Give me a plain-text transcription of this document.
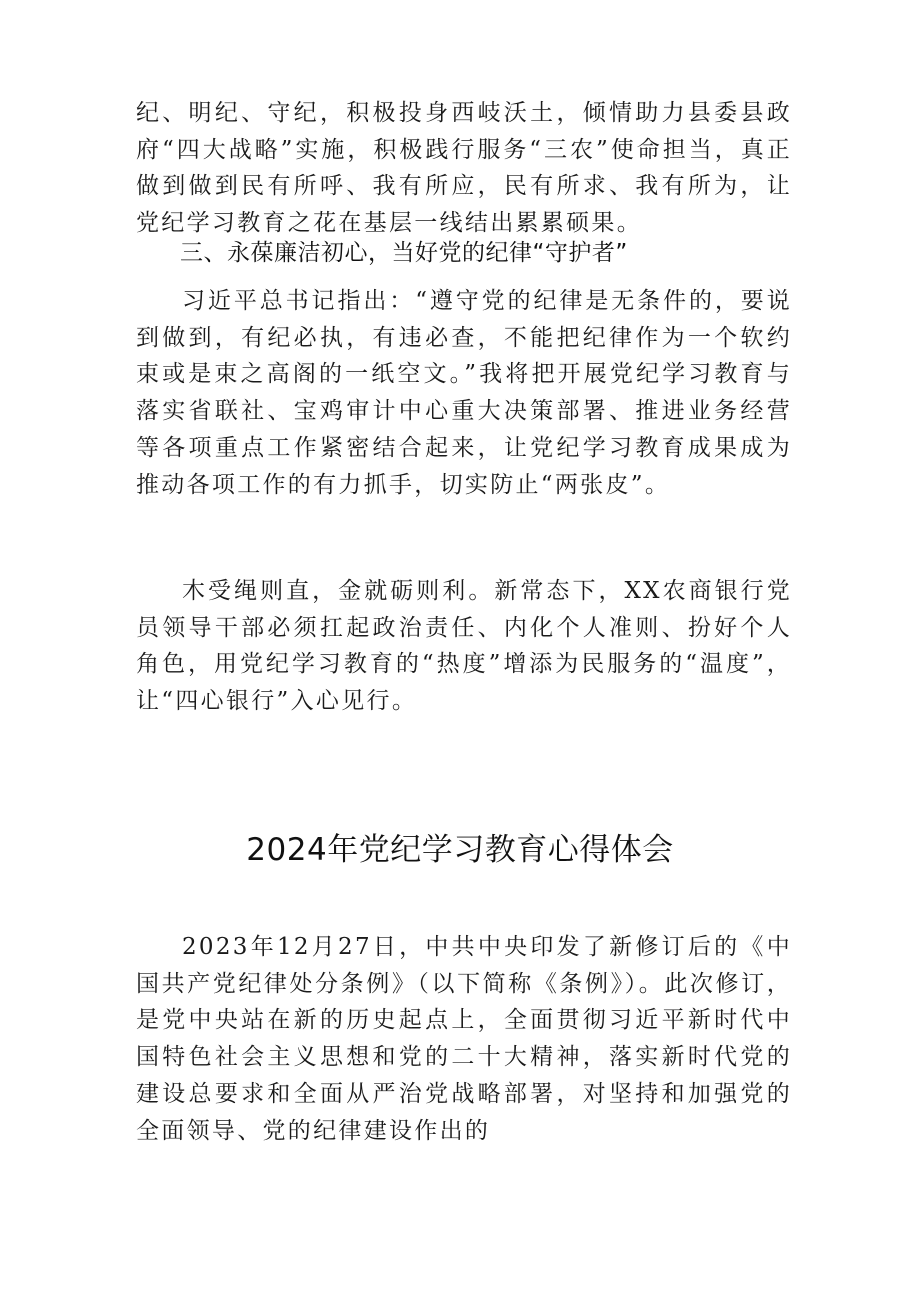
纪、明纪、守纪，积极投身西岐沃土，倾情助力县委县政府“四大战略”实施，积极践行服务“三农”使命担当，真正做到做到民有所呼、我有所应，民有所求、我有所为，让党纪学习教育之花在基层一线结出累累硕果。

三、永葆廉洁初心，当好党的纪律“守护者”

习近平总书记指出：“遵守党的纪律是无条件的，要说到做到，有纪必执，有违必查，不能把纪律作为一个软约束或是束之高阁的一纸空文。”我将把开展党纪学习教育与落实省联社、宝鸡审计中心重大决策部署、推进业务经营等各项重点工作紧密结合起来，让党纪学习教育成果成为推动各项工作的有力抓手，切实防止“两张皮”。

木受绳则直，金就砺则利。新常态下，XX农商银行党员领导干部必须扛起政治责任、内化个人准则、扮好个人角色，用党纪学习教育的“热度”增添为民服务的“温度”，让“四心银行”入心见行。

2024年党纪学习教育心得体会

2023年12月27日，中共中央印发了新修订后的《中国共产党纪律处分条例》（以下简称《条例》）。此次修订，是党中央站在新的历史起点上，全面贯彻习近平新时代中国特色社会主义思想和党的二十大精神，落实新时代党的建设总要求和全面从严治党战略部署，对坚持和加强党的全面领导、党的纪律建设作出的
